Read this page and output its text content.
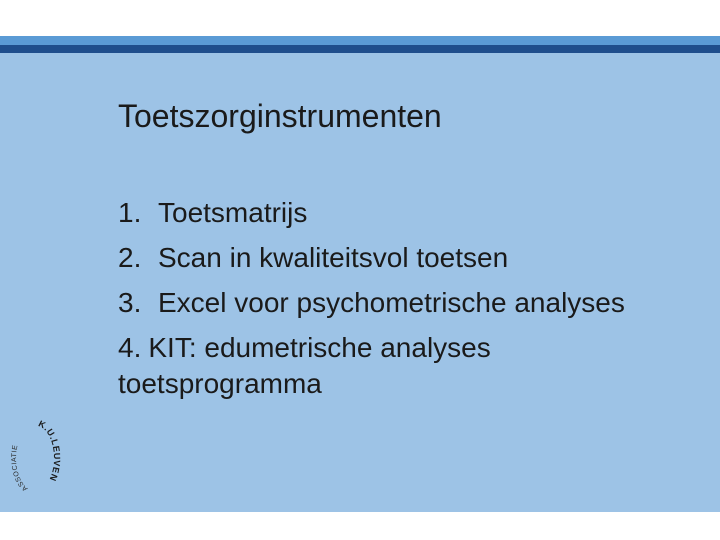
Toetszorginstrumenten
1. Toetsmatrijs
2. Scan in kwaliteitsvol toetsen
3. Excel voor psychometrische analyses
4. KIT: edumetrische analyses
toetsprogramma
ASSOCIATIE
K.U.LEUVEN
